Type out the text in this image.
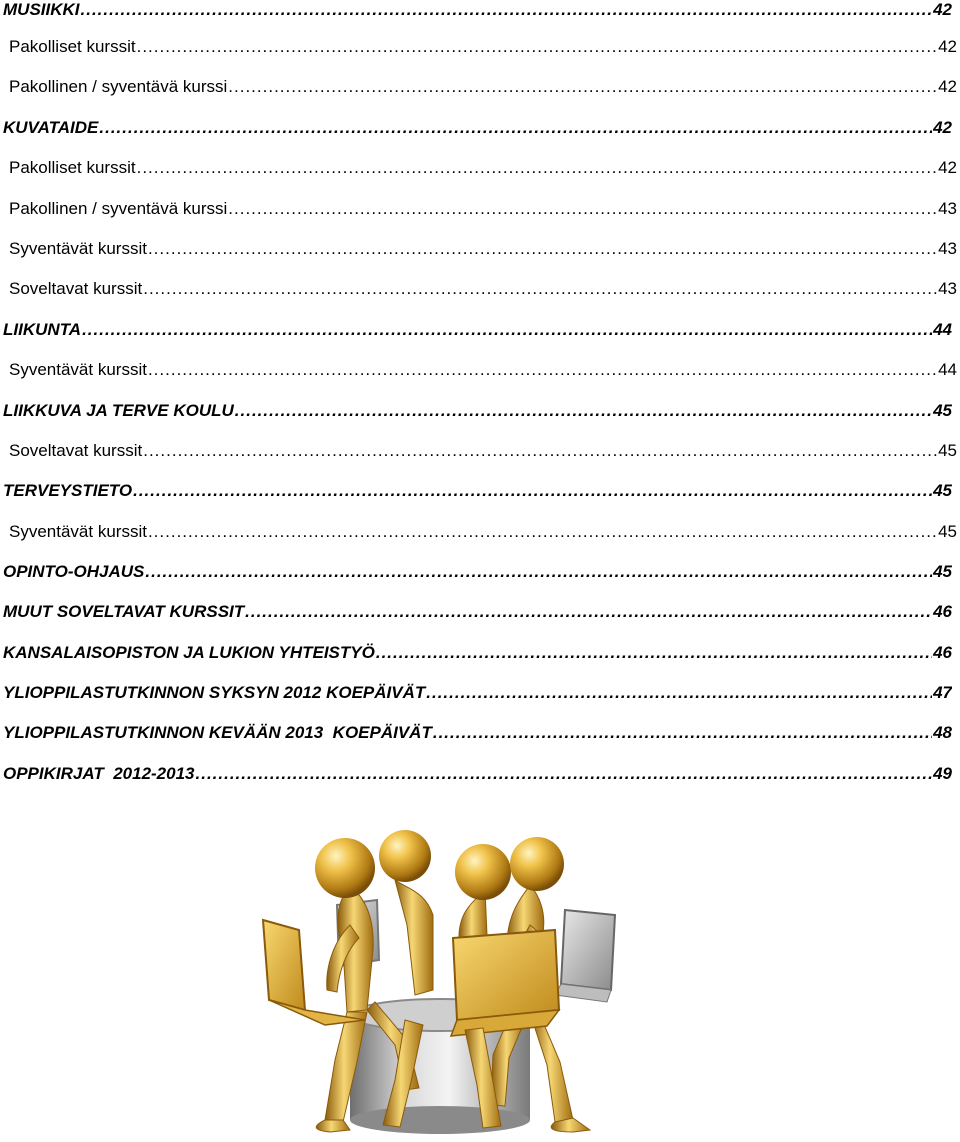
MUSIIKKI .....	42
Pakolliset kurssit .....	42
Pakollinen / syventävä kurssi .....	42
KUVATAIDE .....	42
Pakolliset kurssit .....	42
Pakollinen / syventävä kurssi .....	43
Syventävät kurssit .....	43
Soveltavat kurssit .....	43
LIIKUNTA .....	44
Syventävät kurssit .....	44
LIIKKUVA JA TERVE KOULU .....	45
Soveltavat kurssit .....	45
TERVEYSTIETO .....	45
Syventävät kurssit .....	45
OPINTO-OHJAUS .....	45
MUUT SOVELTAVAT KURSSIT .....	46
KANSALAISOPISTON JA LUKION YHTEISTYÖ .....	46
YLIOPPILASTUTKINNON SYKSYN 2012 KOEPÄIVÄT .....	47
YLIOPPILASTUTKINNON KEVÄÄN 2013  KOEPÄIVÄT .....	48
OPPIKIRJAT  2012-2013 .....	49
